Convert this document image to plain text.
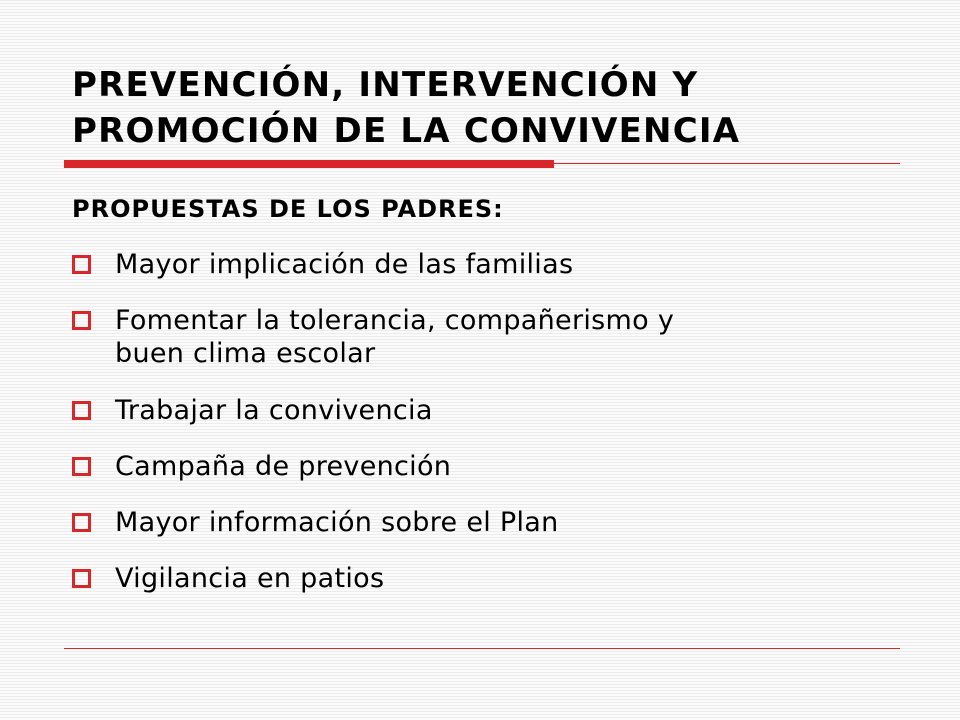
PREVENCIÓN, INTERVENCIÓN Y
PROMOCIÓN DE LA CONVIVENCIA
PROPUESTAS DE LOS PADRES:
Mayor implicación de las familias
Fomentar la tolerancia, compañerismo y
buen clima escolar
Trabajar la convivencia
Campaña de prevención
Mayor información sobre el Plan
Vigilancia en patios
